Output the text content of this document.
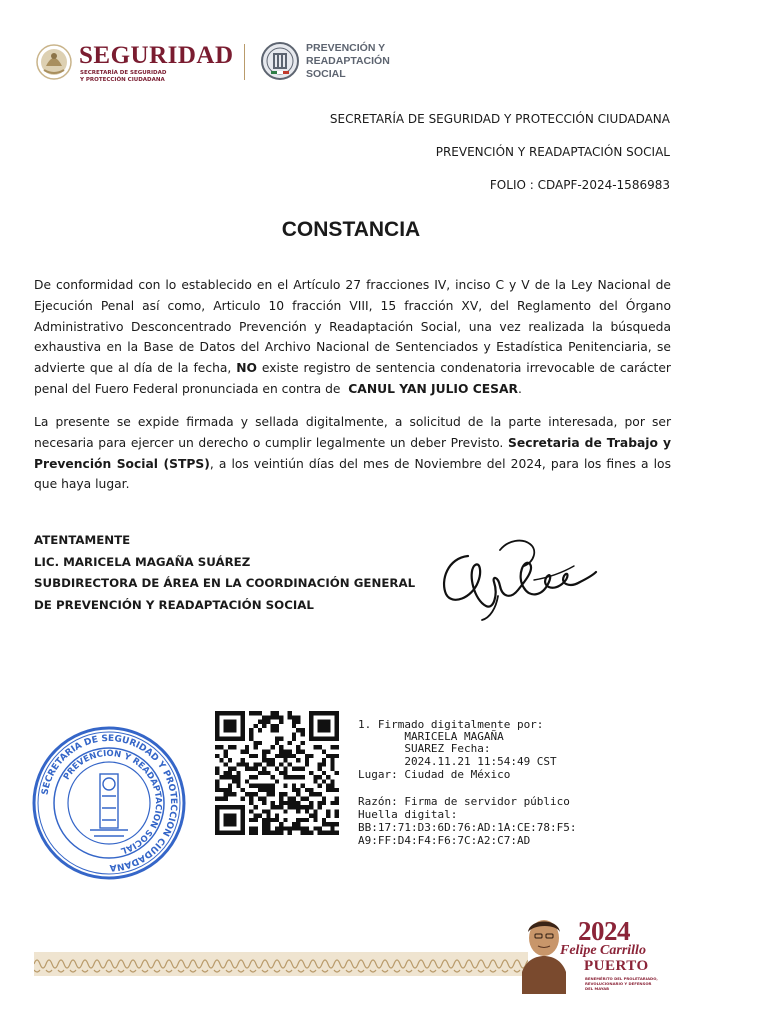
SEGURIDAD
SECRETARÍA DE SEGURIDAD
Y PROTECCIÓN CIUDADANA
PREVENCIÓN Y
READAPTACIÓN
SOCIAL
SECRETARÍA DE SEGURIDAD Y PROTECCIÓN CIUDADANA
PREVENCIÓN Y READAPTACIÓN SOCIAL
FOLIO : CDAPF-2024-1586983
CONSTANCIA
De conformidad con lo establecido en el Artículo 27 fracciones IV, inciso C y V de la Ley Nacional de Ejecución Penal así como, Articulo 10 fracción VIII, 15 fracción XV, del Reglamento del Órgano Administrativo Desconcentrado Prevención y Readaptación Social, una vez realizada la búsqueda exhaustiva en la Base de Datos del Archivo Nacional de Sentenciados y Estadística Penitenciaria, se advierte que al día de la fecha, NO existe registro de sentencia condenatoria irrevocable de carácter penal del Fuero Federal pronunciada en contra de CANUL YAN JULIO CESAR.
La presente se expide firmada y sellada digitalmente, a solicitud de la parte interesada, por ser necesaria para ejercer un derecho o cumplir legalmente un deber Previsto. Secretaria de Trabajo y Prevención Social (STPS), a los veintiún días del mes de Noviembre del 2024, para los fines a los que haya lugar.
ATENTAMENTE
LIC. MARICELA MAGAÑA SUÁREZ
SUBDIRECTORA DE ÁREA EN LA COORDINACIÓN GENERAL
DE PREVENCIÓN Y READAPTACIÓN SOCIAL
SECRETARIA DE SEGURIDAD Y PROTECCION CIUDADANA
PREVENCION Y READAPTACION SOCIAL
1. Firmado digitalmente por:
MARICELA MAGAÑA
SUAREZ Fecha:
2024.11.21 11:54:49 CST
Lugar: Ciudad de México
Razón: Firma de servidor público
Huella digital:
BB:17:71:D3:6D:76:AD:1A:CE:78:F5:
A9:FF:D4:F4:F6:7C:A2:C7:AD
2024
Felipe Carrillo
PUERTO
BENEMÉRITO DEL PROLETARIADO,
REVOLUCIONARIO Y DEFENSOR
DEL MAYAB
